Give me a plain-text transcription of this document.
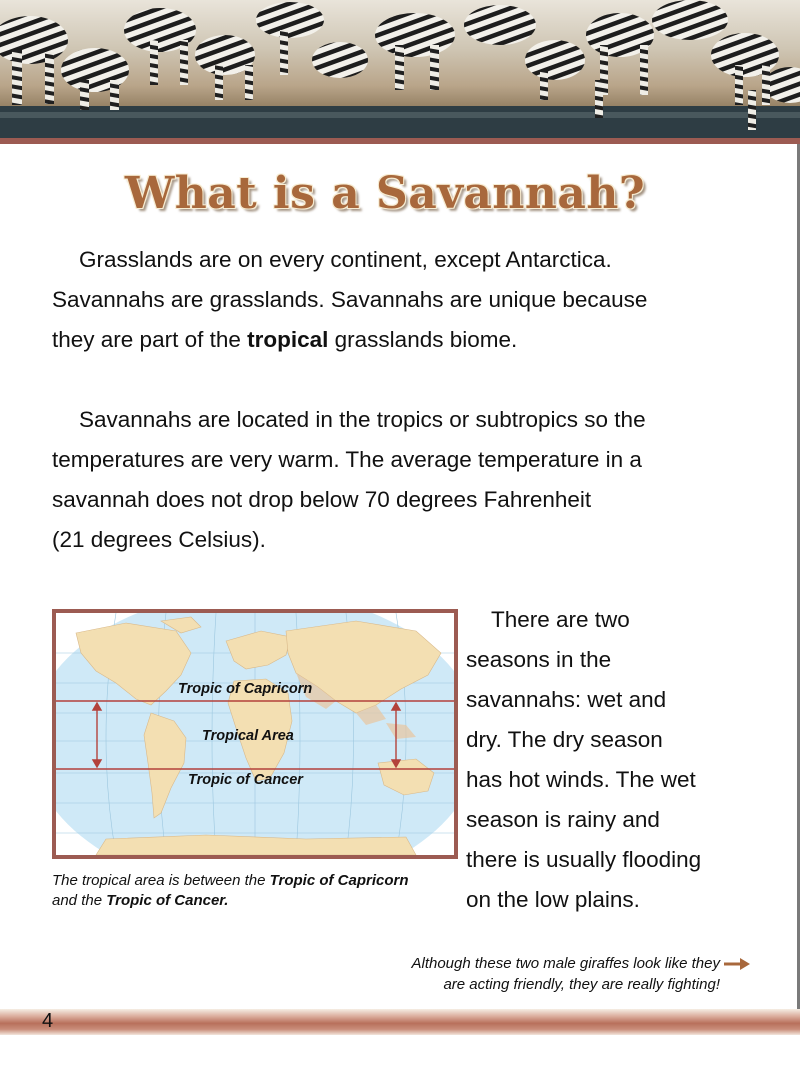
What is a Savannah?
Grasslands are on every continent, except Antarctica.
Savannahs are grasslands. Savannahs are unique because
they are part of the tropical grasslands biome.
Savannahs are located in the tropics or subtropics so the
temperatures are very warm. The average temperature in a
savannah does not drop below 70 degrees Fahrenheit
(21 degrees Celsius).
Tropic of Capricorn
Tropical Area
Tropic of Cancer
The tropical area is between the Tropic of Capricorn and the Tropic of Cancer.
There are two
seasons in the
savannahs: wet and
dry. The dry season
has hot winds. The wet
season is rainy and
there is usually flooding
on the low plains.
Although these two male giraffes look like they
are acting friendly, they are really fighting!
4
